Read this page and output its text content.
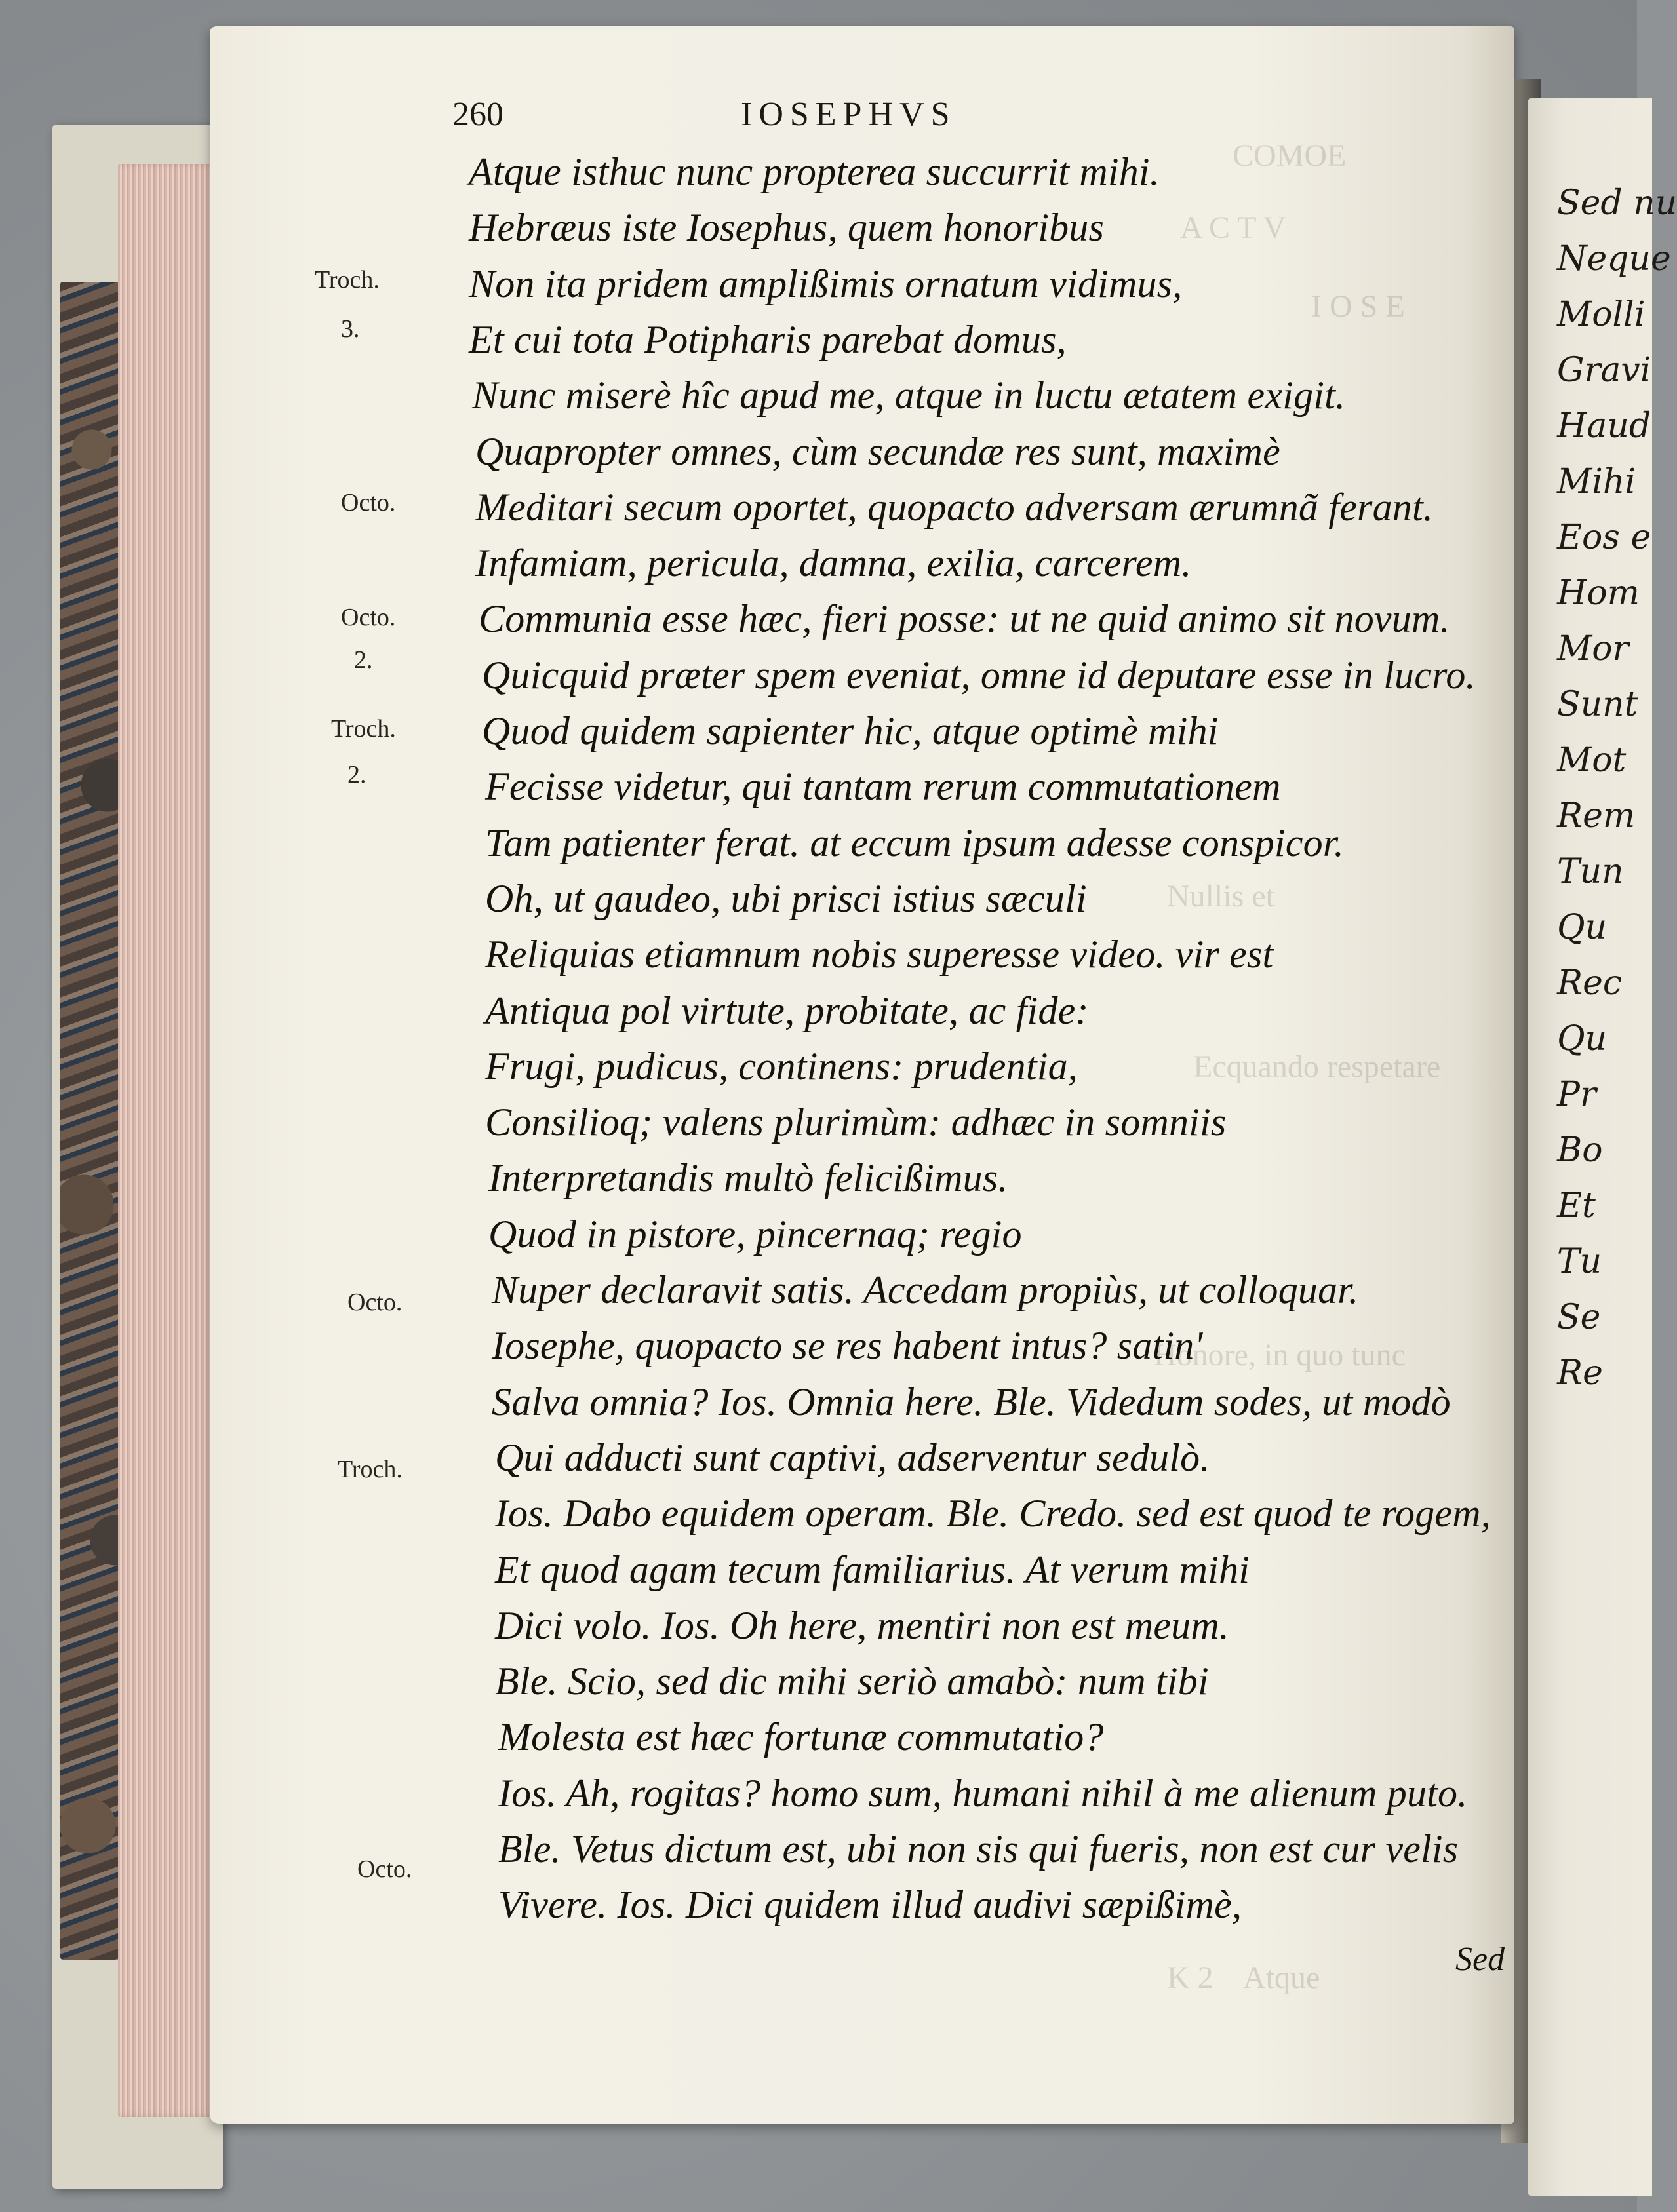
Sed nu
Neque
Molli
Gravi
Haud
Mihi
Eos e
Hom
Mor
Sunt
Mot
Rem
Tun
Qu
Rec
Qu
Pr
Bo
Et
Tu
Se
Re
COMOE
A C T V
I O S E
Nullis et
Ecquando respetare
Honore, in quo tunc
K 2    Atque
260	IOSEPHVS
Atque isthuc nunc propterea succurrit mihi.
Hebræus iste Iosephus, quem honoribus
Non ita pridem amplißimis ornatum vidimus,
Et cui tota Potipharis parebat domus,
Nunc miserè hîc apud me, atque in luctu ætatem exigit.
Quapropter omnes, cùm secundæ res sunt, maximè
Meditari secum oportet, quopacto adversam ærumnã ferant.
Infamiam, pericula, damna, exilia, carcerem.
Communia esse hæc, fieri posse: ut ne quid animo sit novum.
Quicquid præter spem eveniat, omne id deputare esse in lucro.
Quod quidem sapienter hic, atque optimè mihi
Fecisse videtur, qui tantam rerum commutationem
Tam patienter ferat. at eccum ipsum adesse conspicor.
Oh, ut gaudeo, ubi prisci istius sæculi
Reliquias etiamnum nobis superesse video. vir est
Antiqua pol virtute, probitate, ac fide:
Frugi, pudicus, continens: prudentia,
Consilioq; valens plurimùm: adhæc in somniis
Interpretandis multò felicißimus.
Quod in pistore, pincernaq; regio
Nuper declaravit satis. Accedam propiùs, ut colloquar.
Iosephe, quopacto se res habent intus? satin'
Salva omnia? Ios. Omnia here. Ble. Videdum sodes, ut modò
Qui adducti sunt captivi, adserventur sedulò.
Ios. Dabo equidem operam. Ble. Credo. sed est quod te rogem,
Et quod agam tecum familiarius. At verum mihi
Dici volo. Ios. Oh here, mentiri non est meum.
Ble. Scio, sed dic mihi seriò amabò: num tibi
Molesta est hæc fortunæ commutatio?
Ios. Ah, rogitas? homo sum, humani nihil à me alienum puto.
Ble. Vetus dictum est, ubi non sis qui fueris, non est cur velis
Vivere. Ios. Dici quidem illud audivi sæpißimè,
Troch.
3.
Octo.
Octo.
2.
Troch.
2.
Octo.
Troch.
Octo.
Sed
